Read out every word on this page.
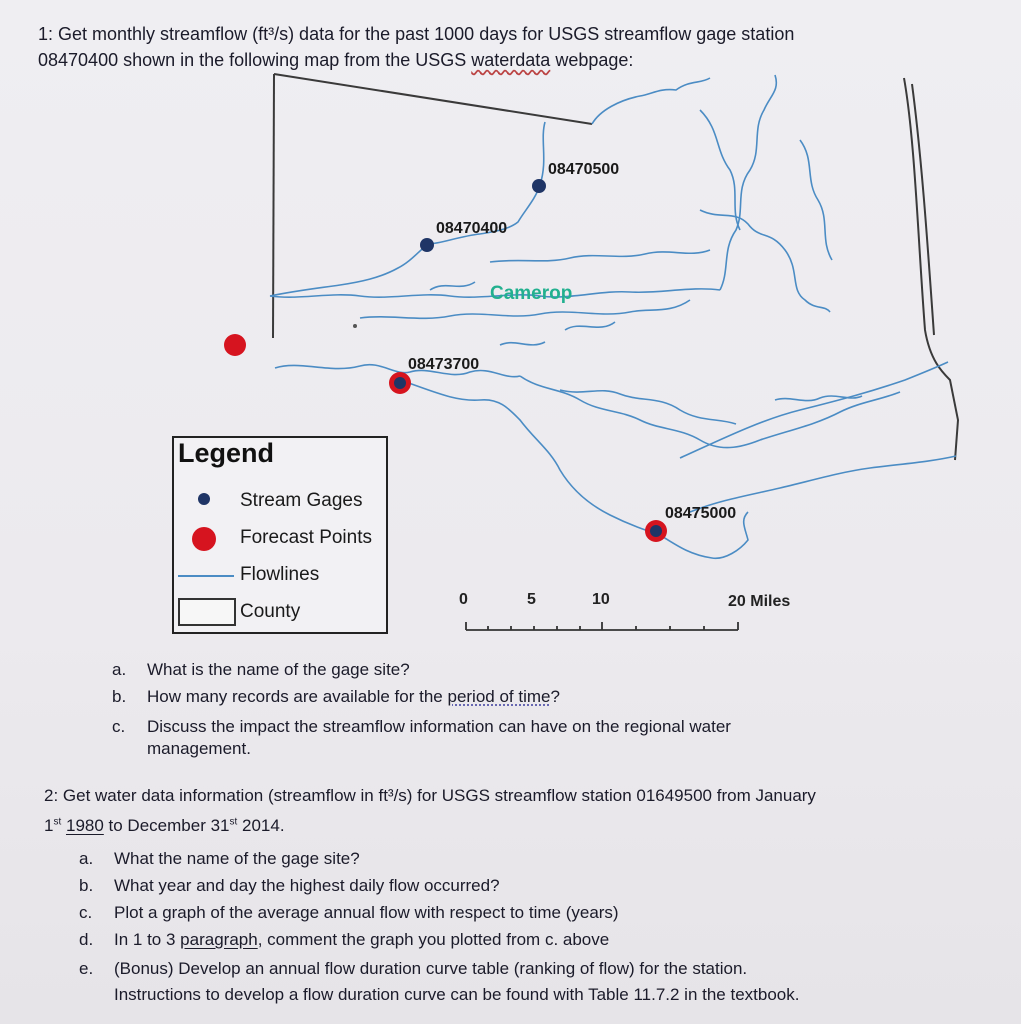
1: Get monthly streamflow (ft³/s) data for the past 1000 days for USGS streamflow gage station
08470400 shown in the following map from the USGS waterdata webpage:
08470500
08470400
08473700
08475000
Camerop
0	5	10	20 Miles
Legend
Stream Gages
Forecast Points
Flowlines
County
a.	What is the name of the gage site?
b.	How many records are available for the period of time?
c.	Discuss the impact the streamflow information can have on the regional water
management.
2: Get water data information (streamflow in ft³/s) for USGS streamflow station 01649500 from January
1st 1980 to December 31st 2014.
a.	What the name of the gage site?
b.	What year and day the highest daily flow occurred?
c.	Plot a graph of the average annual flow with respect to time (years)
d.	In 1 to 3 paragraph, comment the graph you plotted from c. above
e.	(Bonus) Develop an annual flow duration curve table (ranking of flow) for the station.
Instructions to develop a flow duration curve can be found with Table 11.7.2 in the textbook.
